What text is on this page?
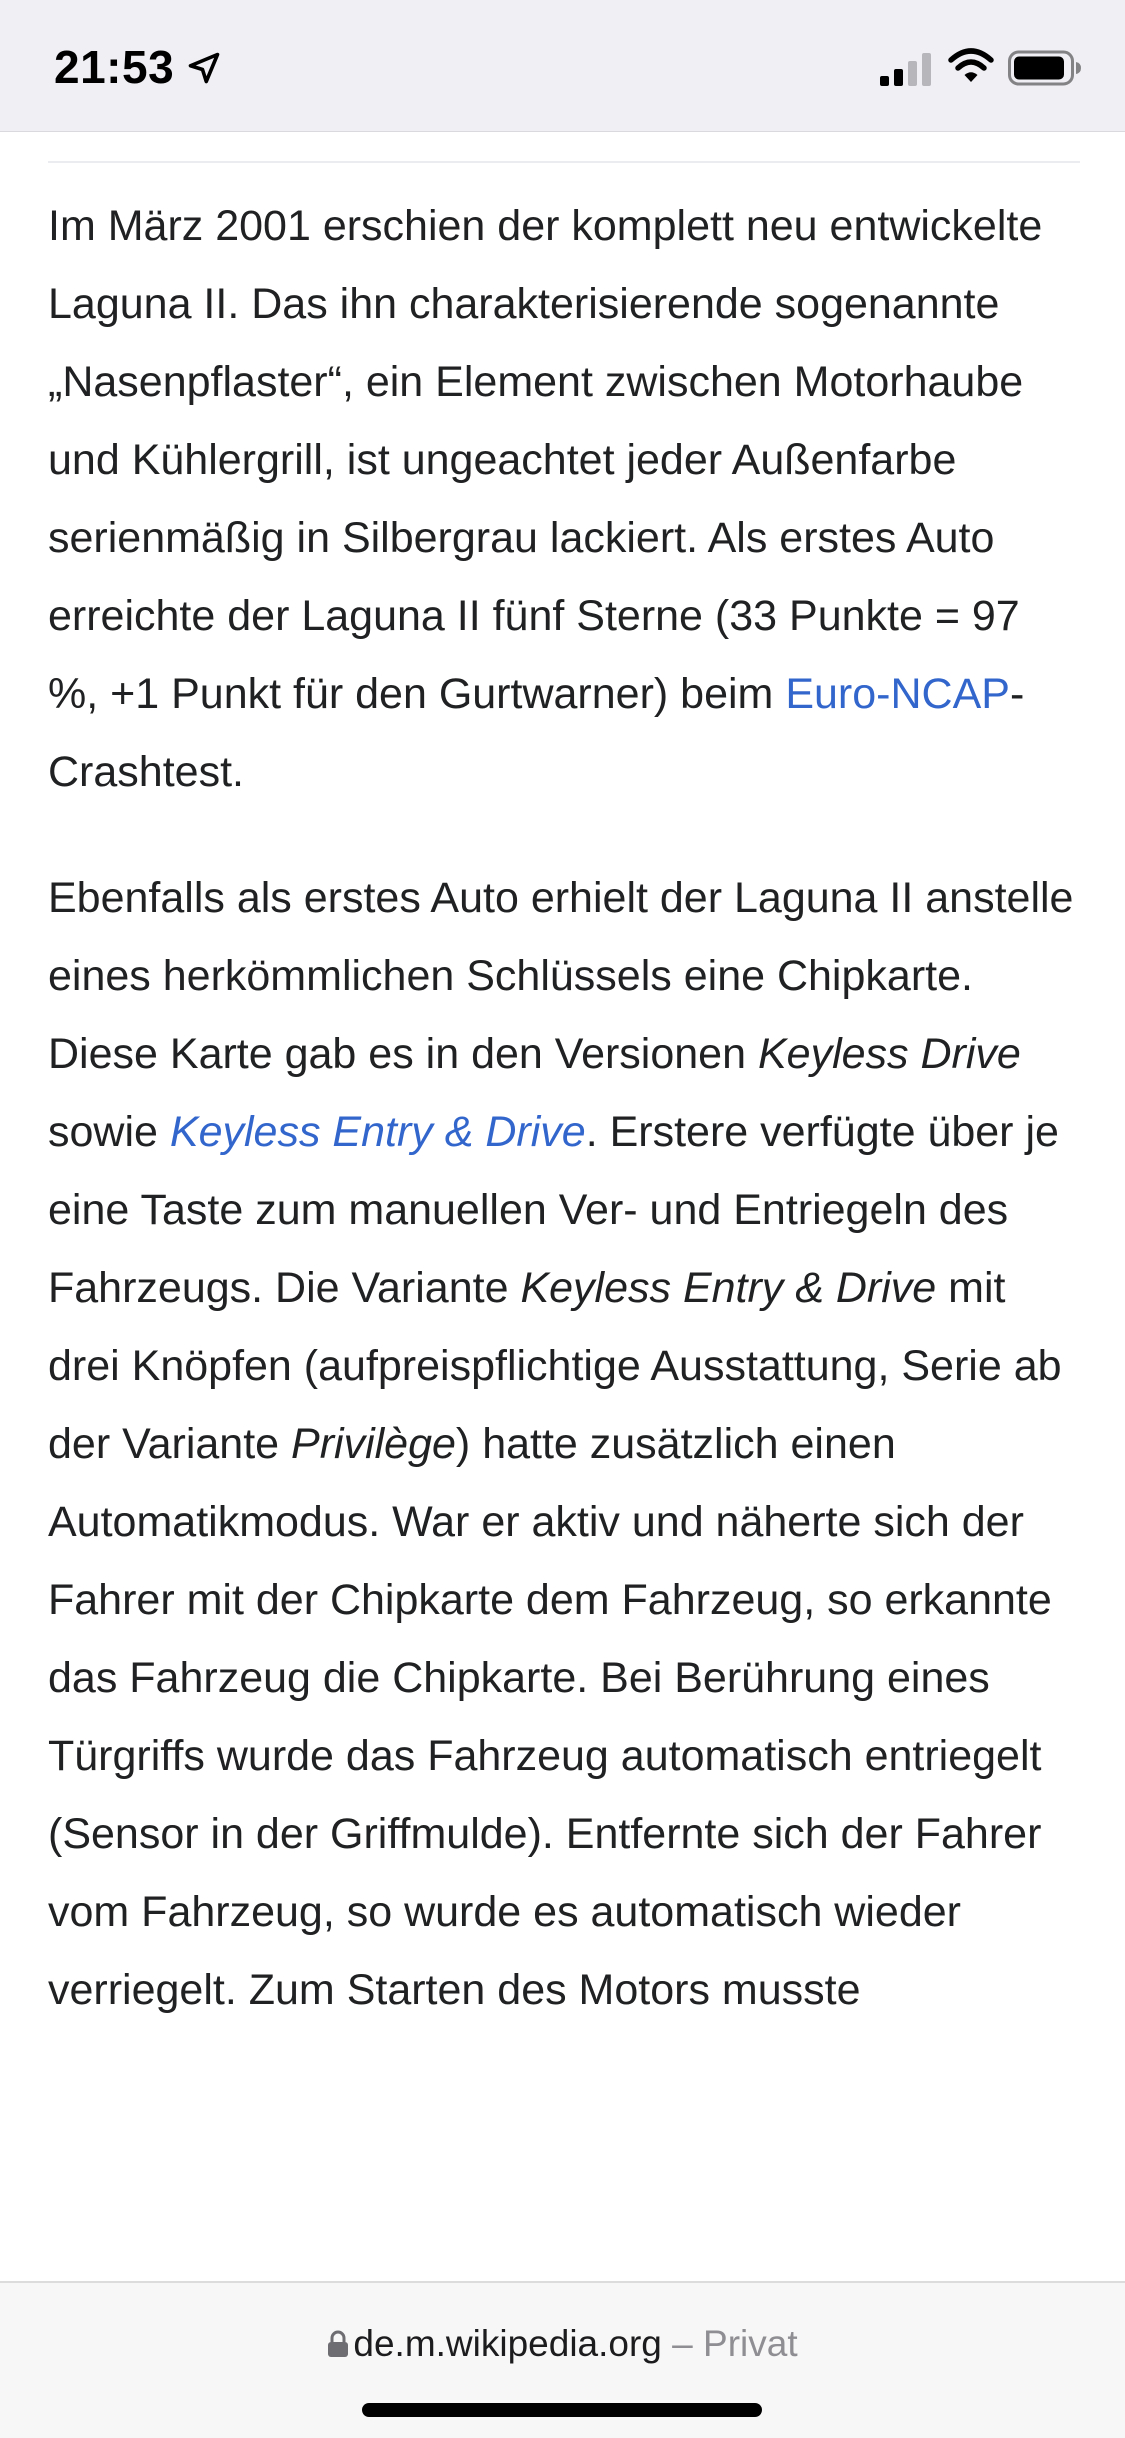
21:53

Im März 2001 erschien der komplett neu entwickelte Laguna II. Das ihn charakterisierende sogenannte „Nasenpflaster“, ein Element zwischen Motorhaube und Kühlergrill, ist ungeachtet jeder Außenfarbe serienmäßig in Silbergrau lackiert. Als erstes Auto erreichte der Laguna II fünf Sterne (33 Punkte = 97 %, +1 Punkt für den Gurtwarner) beim Euro-NCAP-Crashtest.

Ebenfalls als erstes Auto erhielt der Laguna II anstelle eines herkömmlichen Schlüssels eine Chipkarte. Diese Karte gab es in den Versionen Keyless Drive sowie Keyless Entry & Drive. Erstere verfügte über je eine Taste zum manuellen Ver- und Entriegeln des Fahrzeugs. Die Variante Keyless Entry & Drive mit drei Knöpfen (aufpreispflichtige Ausstattung, Serie ab der Variante Privilège) hatte zusätzlich einen Automatikmodus. War er aktiv und näherte sich der Fahrer mit der Chipkarte dem Fahrzeug, so erkannte das Fahrzeug die Chipkarte. Bei Berührung eines Türgriffs wurde das Fahrzeug automatisch entriegelt (Sensor in der Griffmulde). Entfernte sich der Fahrer vom Fahrzeug, so wurde es automatisch wieder verriegelt. Zum Starten des Motors musste

de.m.wikipedia.org – Privat
